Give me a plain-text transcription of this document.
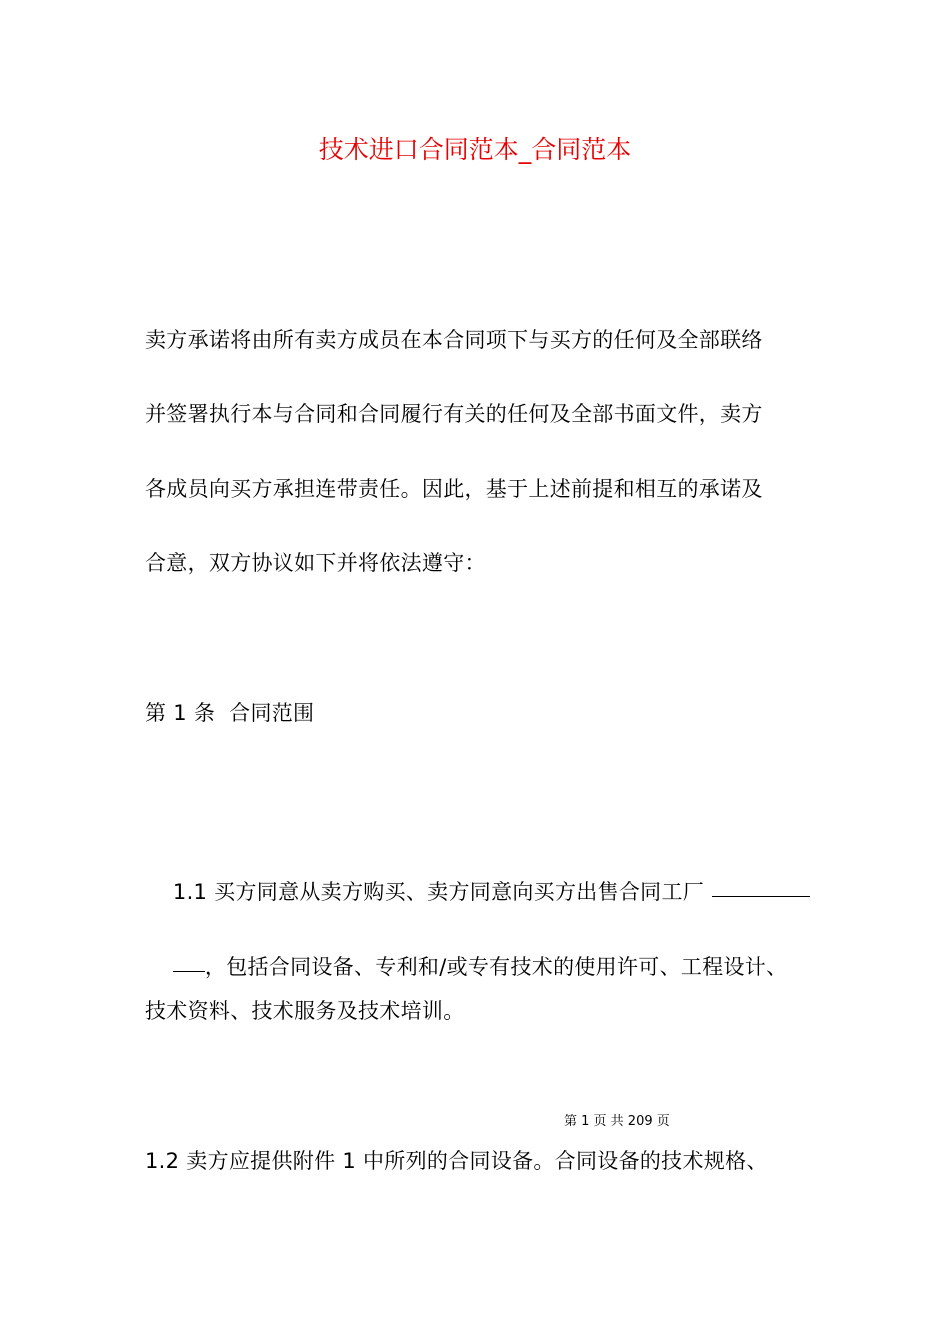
技术进口合同范本_合同范本
卖方承诺将由所有卖方成员在本合同项下与买方的任何及全部联络
并签署执行本与合同和合同履行有关的任何及全部书面文件，卖方
各成员向买方承担连带责任。因此，基于上述前提和相互的承诺及
合意，双方协议如下并将依法遵守：
第 1 条  合同范围

1.1 买方同意从卖方购买、卖方同意向买方出售合同工厂

，包括合同设备、专利和/或专有技术的使用许可、工程设计、

技术资料、技术服务及技术培训。
第 1 页 共 209 页
1.2 卖方应提供附件 1 中所列的合同设备。合同设备的技术规格、
